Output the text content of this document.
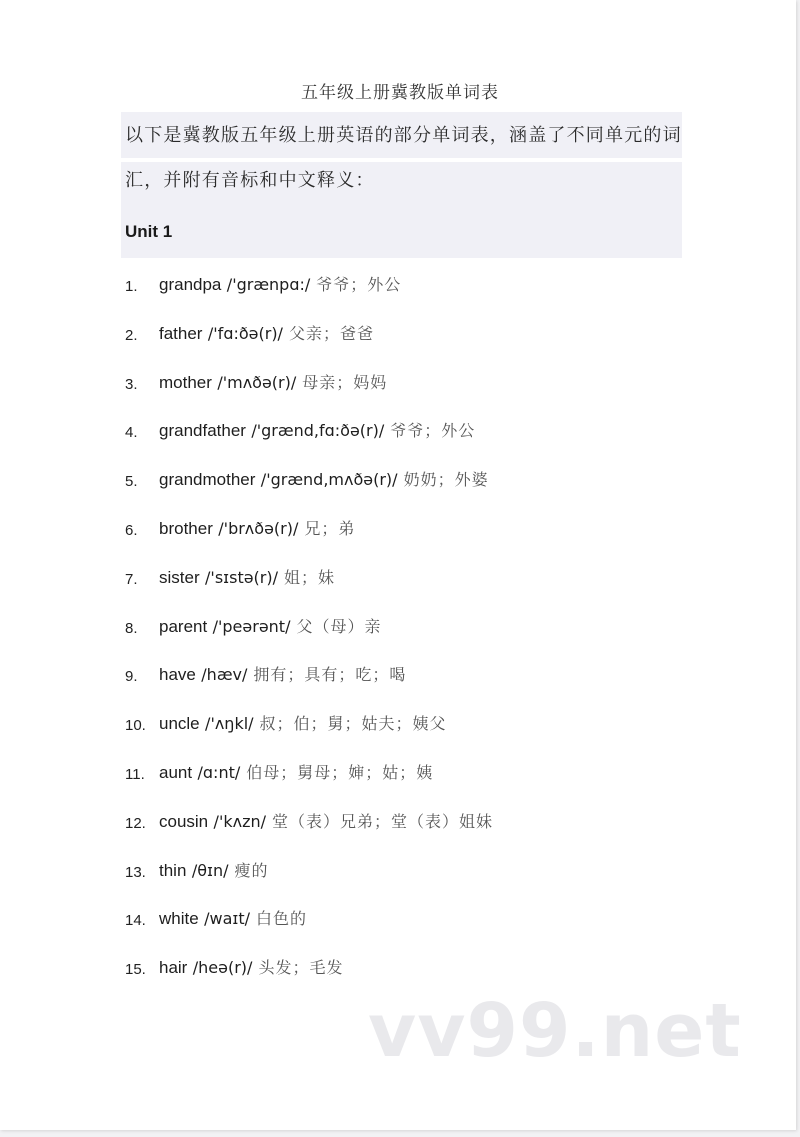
五年级上册冀教版单词表
以下是冀教版五年级上册英语的部分单词表，涵盖了不同单元的词
汇，并附有音标和中文释义：
Unit 1
1. grandpa /'grænpɑ:/ 爷爷；外公
2. father /'fɑ:ðə(r)/ 父亲；爸爸
3. mother /'mʌðə(r)/ 母亲；妈妈
4. grandfather /'grænd,fɑ:ðə(r)/ 爷爷；外公
5. grandmother /'grænd,mʌðə(r)/ 奶奶；外婆
6. brother /'brʌðə(r)/ 兄；弟
7. sister /'sɪstə(r)/ 姐；妹
8. parent /'peərənt/ 父（母）亲
9. have /hæv/ 拥有；具有；吃；喝
10. uncle /'ʌŋkl/ 叔；伯；舅；姑夫；姨父
11. aunt /ɑ:nt/ 伯母；舅母；婶；姑；姨
12. cousin /'kʌzn/ 堂（表）兄弟；堂（表）姐妹
13. thin /θɪn/ 瘦的
14. white /waɪt/ 白色的
15. hair /heə(r)/ 头发；毛发
vv99.net
